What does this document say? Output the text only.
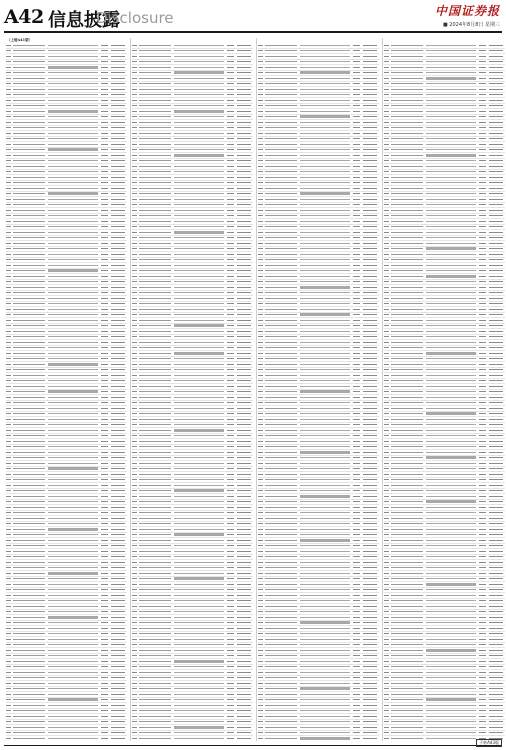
A42 信息披露
Disclosure	中国证券报
■ 2024年8月8日 星期三
（上接A41版）
下转A43版
